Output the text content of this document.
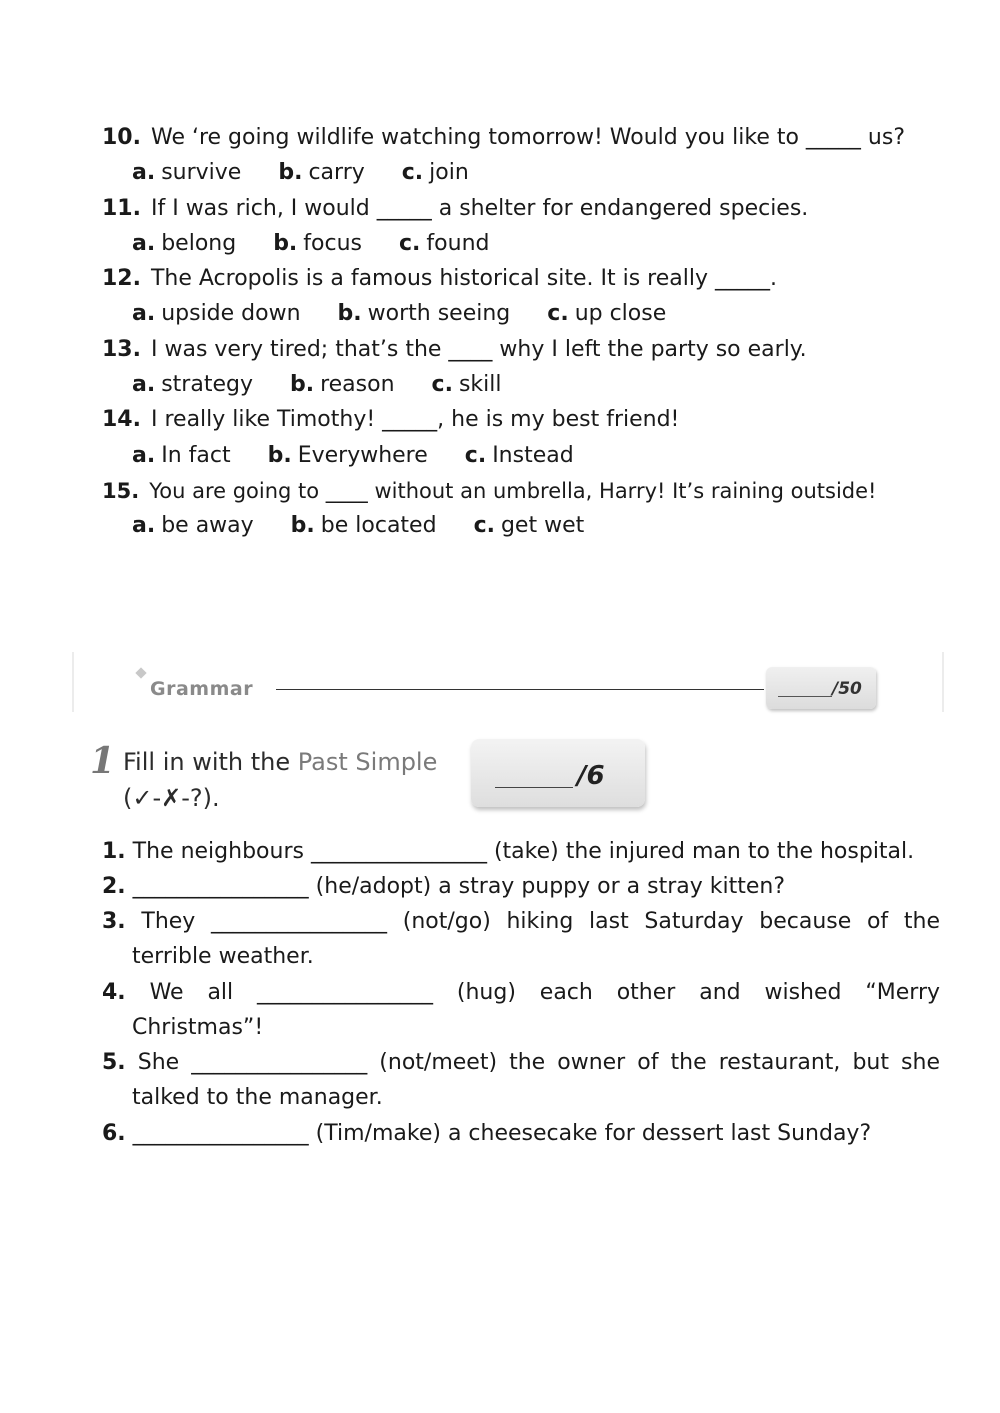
10. We ‘re going wildlife watching tomorrow! Would you like to _____ us?
a. survive b. carry c. join
11. If I was rich, I would _____ a shelter for endangered species.
a. belong b. focus c. found
12. The Acropolis is a famous historical site. It is really _____.
a. upside down b. worth seeing c. up close
13. I was very tired; that’s the ____ why I left the party so early.
a. strategy b. reason c. skill
14. I really like Timothy! _____, he is my best friend!
a. In fact b. Everywhere c. Instead
15. You are going to ____ without an umbrella, Harry! It’s raining outside!
a. be away b. be located c. get wet
Grammar	/50
1 Fill in with the Past Simple
(✓-✗-?).
/6
1. The neighbours ________________ (take) the injured man to the hospital.
2. ________________ (he/adopt) a stray puppy or a stray kitten?
3. They ________________ (not/go) hiking last Saturday because of the
terrible weather.
4. We all ________________ (hug) each other and wished “Merry
Christmas”!
5. She ________________ (not/meet) the owner of the restaurant, but she
talked to the manager.
6. ________________ (Tim/make) a cheesecake for dessert last Sunday?
